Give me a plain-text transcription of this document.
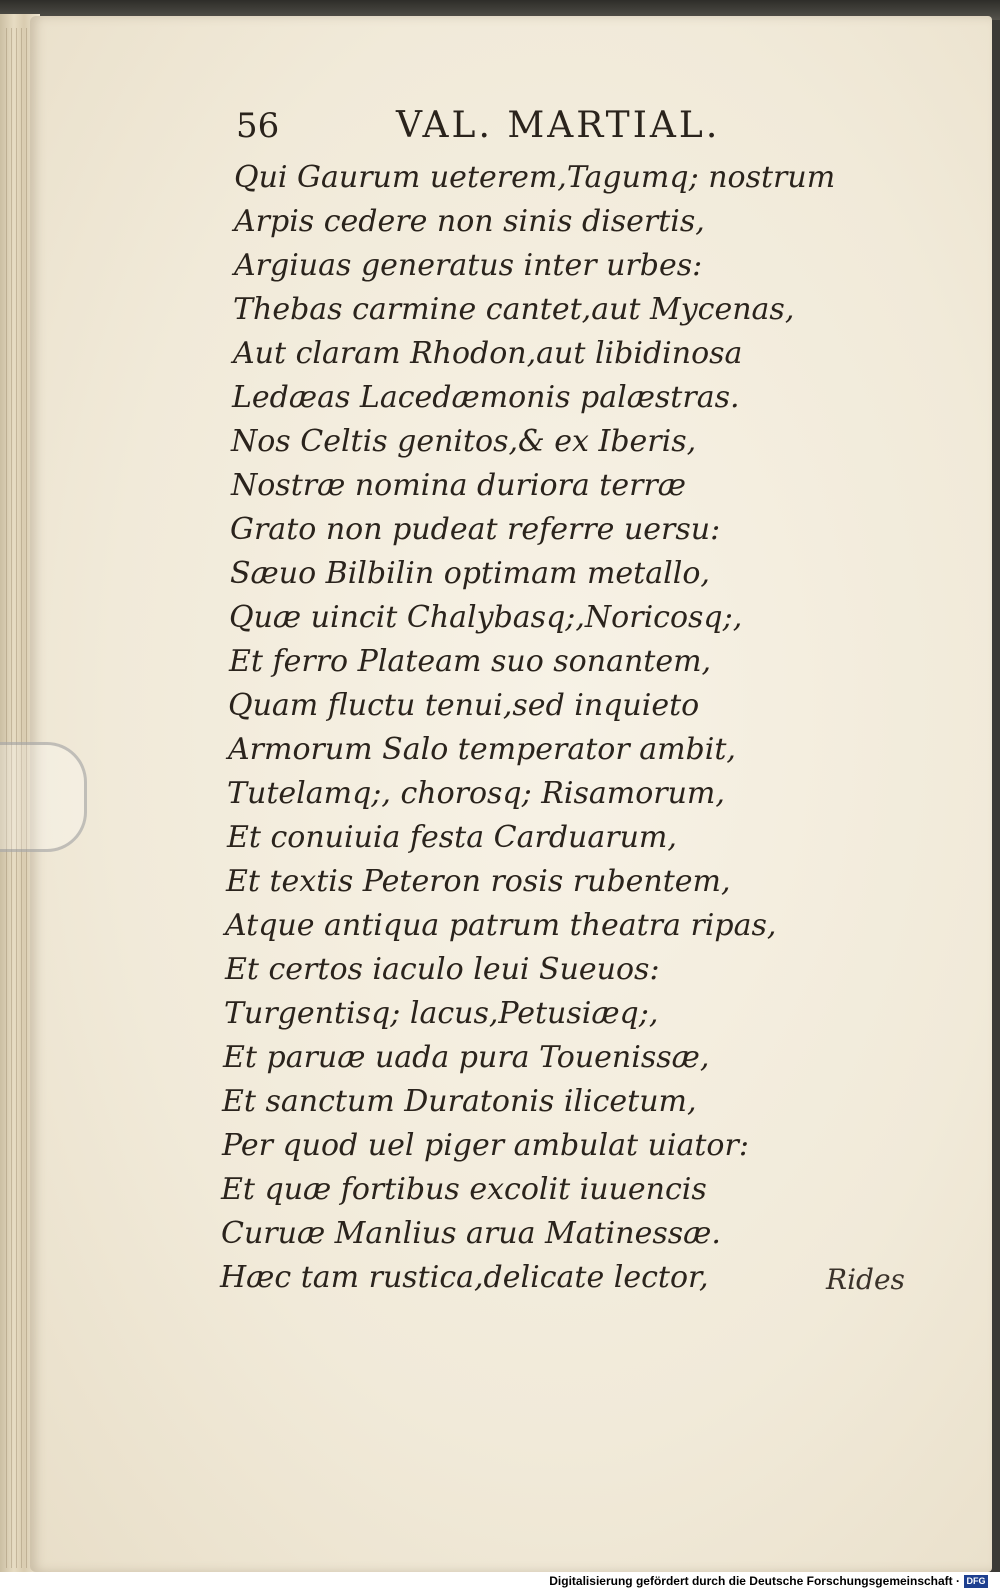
56	VAL. MARTIAL.
Qui Gaurum ueterem,Tagumq; nostrum
Arpis cedere non sinis disertis,
Argiuas generatus inter urbes:
Thebas carmine cantet,aut Mycenas,
Aut claram Rhodon,aut libidinosa
Ledæas Lacedæmonis palæstras.
Nos Celtis genitos,& ex Iberis,
Nostræ nomina duriora terræ
Grato non pudeat referre uersu:
Sæuo Bilbilin optimam metallo,
Quæ uincit Chalybasq;,Noricosq;,
Et ferro Plateam suo sonantem,
Quam fluctu tenui,sed inquieto
Armorum Salo temperator ambit,
Tutelamq;, chorosq; Risamorum,
Et conuiuia festa Carduarum,
Et textis Peteron rosis rubentem,
Atque antiqua patrum theatra ripas,
Et certos iaculo leui Sueuos:
Turgentisq; lacus,Petusiæq;,
Et paruæ uada pura Touenissæ,
Et sanctum Duratonis ilicetum,
Per quod uel piger ambulat uiator:
Et quæ fortibus excolit iuuencis
Curuæ Manlius arua Matinessæ.
Hæc tam rustica,delicate lector,	Rides
Digitalisierung gefördert durch die Deutsche Forschungsgemeinschaft · DFG
